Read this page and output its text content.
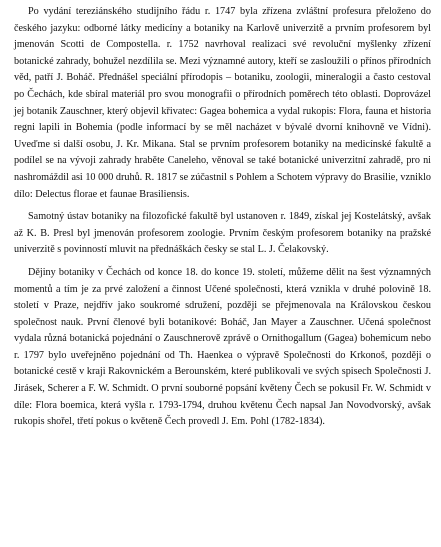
Po vydání tereziánského studijního řádu r. 1747 byla zřízena zvláštní profesura přeloženo do českého jazyku: odborné látky medicíny a botaniky na Karlově univerzitě a prvním profesorem byl jmenován Scotti de Compostella. r. 1752 navrhoval realizaci své revoluční myšlenky zřízení botanické zahrady, bohužel nezdílila se. Mezi významné autory, kteří se zasloužili o přínos přírodních věd, patří J. Boháč. Přednášel speciální přírodopis – botaniku, zoologii, mineralogii a často cestoval po Čechách, kde sbíral materiál pro svou monografii o přírodních poměrech této oblasti. Doprovázel jej botanik Zauschner, který objevil křivatec: Gagea bohemica a vydal rukopis: Flora, fauna et historia regni lapili in Bohemia (podle informací by se měl nacházet v bývalé dvorní knihovně ve Vídni). Uveďme si další osobu, J. Kr. Mikana. Stal se prvním profesorem botaniky na medicínské fakultě a podílel se na vývoji zahrady hraběte Caneleho, věnoval se také botanické univerzitní zahradě, pro ni nashromáždil asi 10 000 druhů. R. 1817 se zúčastnil s Pohlem a Schotem výpravy do Brasilie, vzniklo dílo: Delectus florae et faunae Brasiliensis.

Samotný ústav botaniky na filozofické fakultě byl ustanoven r. 1849, získal jej Kostelátský, avšak až K. B. Presl byl jmenován profesorem zoologie. Prvním českým profesorem botaniky na pražské univerzitě s povinností mluvit na přednáškách česky se stal L. J. Čelakovský.

Dějiny botaniky v Čechách od konce 18. do konce 19. století, můžeme dělit na šest významných momentů a tím je za prvé založení a činnost Učené společnosti, která vznikla v druhé polovině 18. století v Praze, nejdřív jako soukromé sdružení, později se přejmenovala na Královskou českou společnost nauk. První členové byli botanikové: Boháč, Jan Mayer a Zauschner. Učená společnost vydala různá botanická pojednání o Zauschnerově zprávě o Ornithogallum (Gagea) bohemicum nebo r. 1797 bylo uveřejněno pojednání od Th. Haenkea o výpravě Společnosti do Krkonoš, později o botanické cestě v kraji Rakovnickém a Berounském, které publikovali ve svých spisech Společnosti J. Jirásek, Scherer a F. W. Schmidt. O první souborné popsání květeny Čech se pokusil Fr. W. Schmidt v díle: Flora boemica, která vyšla r. 1793-1794, druhou květenu Čech napsal Jan Novodvorský, avšak rukopis shořel, třetí pokus o květeně Čech provedl J. Em. Pohl (1782-1834).
